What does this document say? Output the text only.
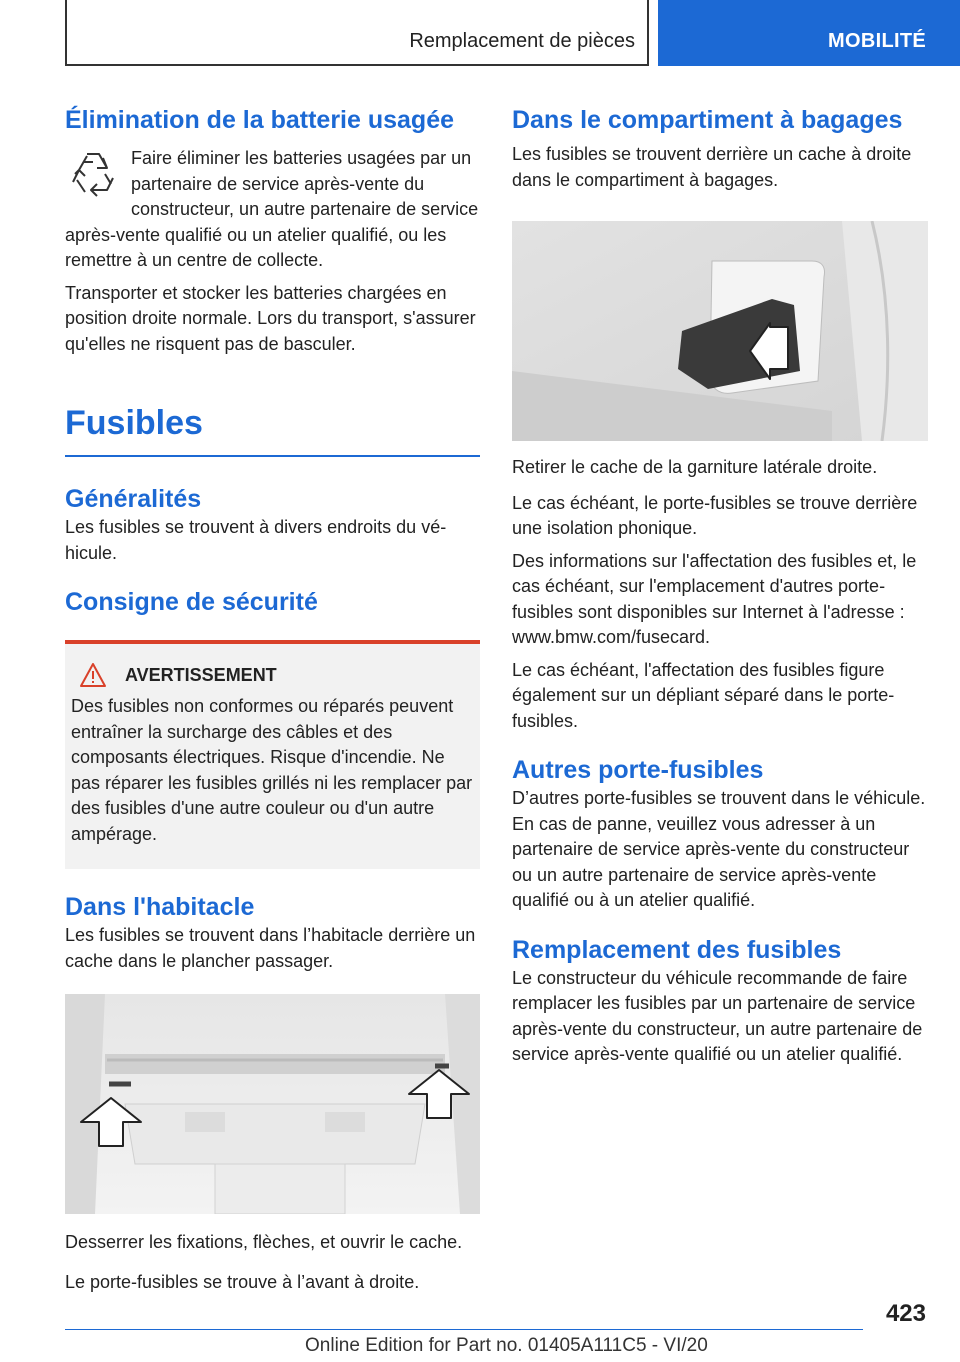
Remplacement de pièces	MOBILITÉ
Élimination de la batterie usagée

Faire éliminer les batteries usagées par un partenaire de service après-vente du constructeur, un autre partenaire de service après-vente qualifié ou un atelier qualifié, ou les remettre à un centre de collecte.

Transporter et stocker les batteries chargées en position droite normale. Lors du transport, s'assurer qu'elles ne risquent pas de basculer.

Fusibles
Généralités

Les fusibles se trouvent à divers endroits du véhicule.

Consigne de sécurité
AVERTISSEMENT

Des fusibles non conformes ou réparés peuvent entraîner la surcharge des câbles et des composants électriques. Risque d'incendie. Ne pas réparer les fusibles grillés ni les remplacer par des fusibles d'une autre couleur ou d'un autre ampérage.

Dans l'habitacle

Les fusibles se trouvent dans l’habitacle derrière un cache dans le plancher passager.

Desserrer les fixations, flèches, et ouvrir le cache.

Le porte-fusibles se trouve à l’avant à droite.

Dans le compartiment à bagages

Les fusibles se trouvent derrière un cache à droite dans le compartiment à bagages.

Retirer le cache de la garniture latérale droite.

Le cas échéant, le porte-fusibles se trouve derrière une isolation phonique.

Des informations sur l'affectation des fusibles et, le cas échéant, sur l'emplacement d'autres porte-fusibles sont disponibles sur Internet à l'adresse : www.bmw.com/fusecard.

Le cas échéant, l'affectation des fusibles figure également sur un dépliant séparé dans le porte-fusibles.

Autres porte-fusibles

D’autres porte-fusibles se trouvent dans le véhicule. En cas de panne, veuillez vous adresser à un partenaire de service après-vente du constructeur ou un autre partenaire de service après-vente qualifié ou à un atelier qualifié.

Remplacement des fusibles

Le constructeur du véhicule recommande de faire remplacer les fusibles par un partenaire de service après-vente du constructeur, un autre partenaire de service après-vente qualifié ou un atelier qualifié.

423
Online Edition for Part no. 01405A111C5 - VI/20
